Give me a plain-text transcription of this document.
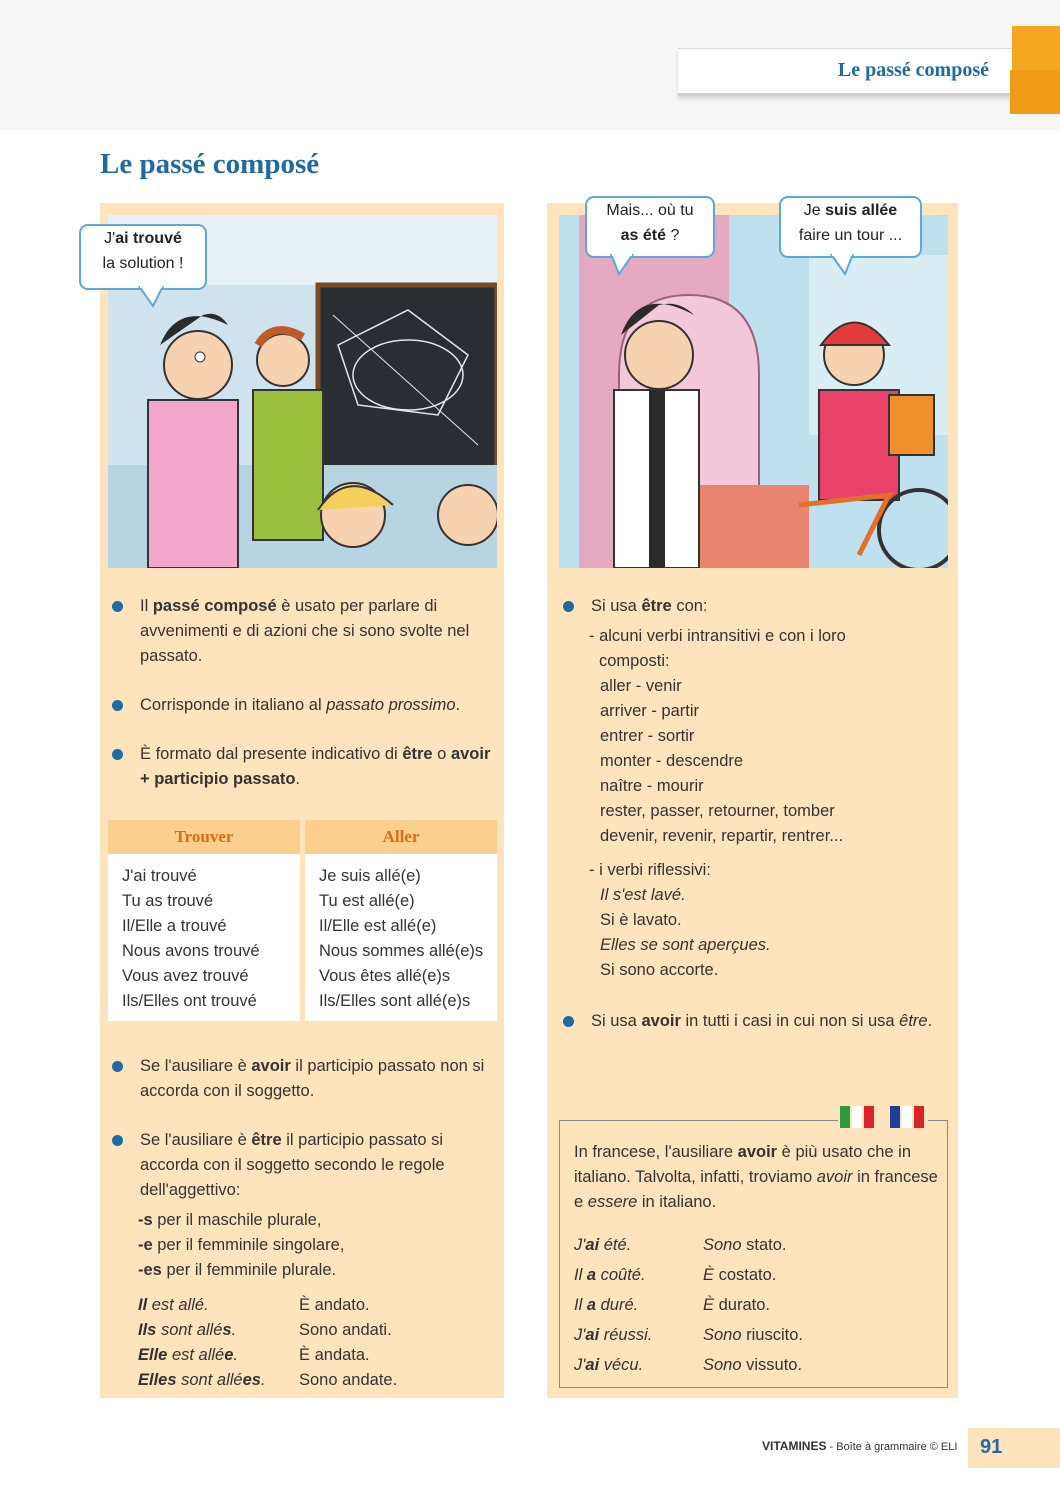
Le passé composé
Le passé composé
J'ai trouvé
la solution !
Il passé composé è usato per parlare di avvenimenti e di azioni che si sono svolte nel passato.
Corrisponde in italiano al passato prossimo.
È formato dal presente indicativo di être o avoir + participio passato.
Trouver
J'ai trouvé
Tu as trouvé
Il/Elle a trouvé
Nous avons trouvé
Vous avez trouvé
Ils/Elles ont trouvé
Aller
Je suis allé(e)
Tu est allé(e)
Il/Elle est allé(e)
Nous sommes allé(e)s
Vous êtes allé(e)s
Ils/Elles sont allé(e)s
Se l'ausiliare è avoir il participio passato non si accorda con il soggetto.
Se l'ausiliare è être il participio passato si accorda con il soggetto secondo le regole dell'aggettivo:
-s per il maschile plurale,
-e per il femminile singolare,
-es per il femminile plurale.
Il est allé.
Ils sont allés.
Elle est allée.
Elles sont allées.
È andato.
Sono andati.
È andata.
Sono andate.
Mais... où tu
as été ?
Je suis allée
faire un tour ...
Si usa être con:
- alcuni verbi intransitivi e con i loro
composti:
aller - venir
arriver - partir
entrer - sortir
monter - descendre
naître - mourir
rester, passer, retourner, tomber
devenir, revenir, repartir, rentrer...
- i verbi riflessivi:
Il s'est lavé.
Si è lavato.
Elles se sont aperçues.
Si sono accorte.
Si usa avoir in tutti i casi in cui non si usa être.
In francese, l'ausiliare avoir è più usato che in italiano. Talvolta, infatti, troviamo avoir in francese e essere in italiano.
J'ai été.
Il a coûté.
Il a duré.
J'ai réussi.
J'ai vécu.
Sono stato.
È costato.
È durato.
Sono riuscito.
Sono vissuto.
VITAMINES - Boîte à grammaire © ELI 91
